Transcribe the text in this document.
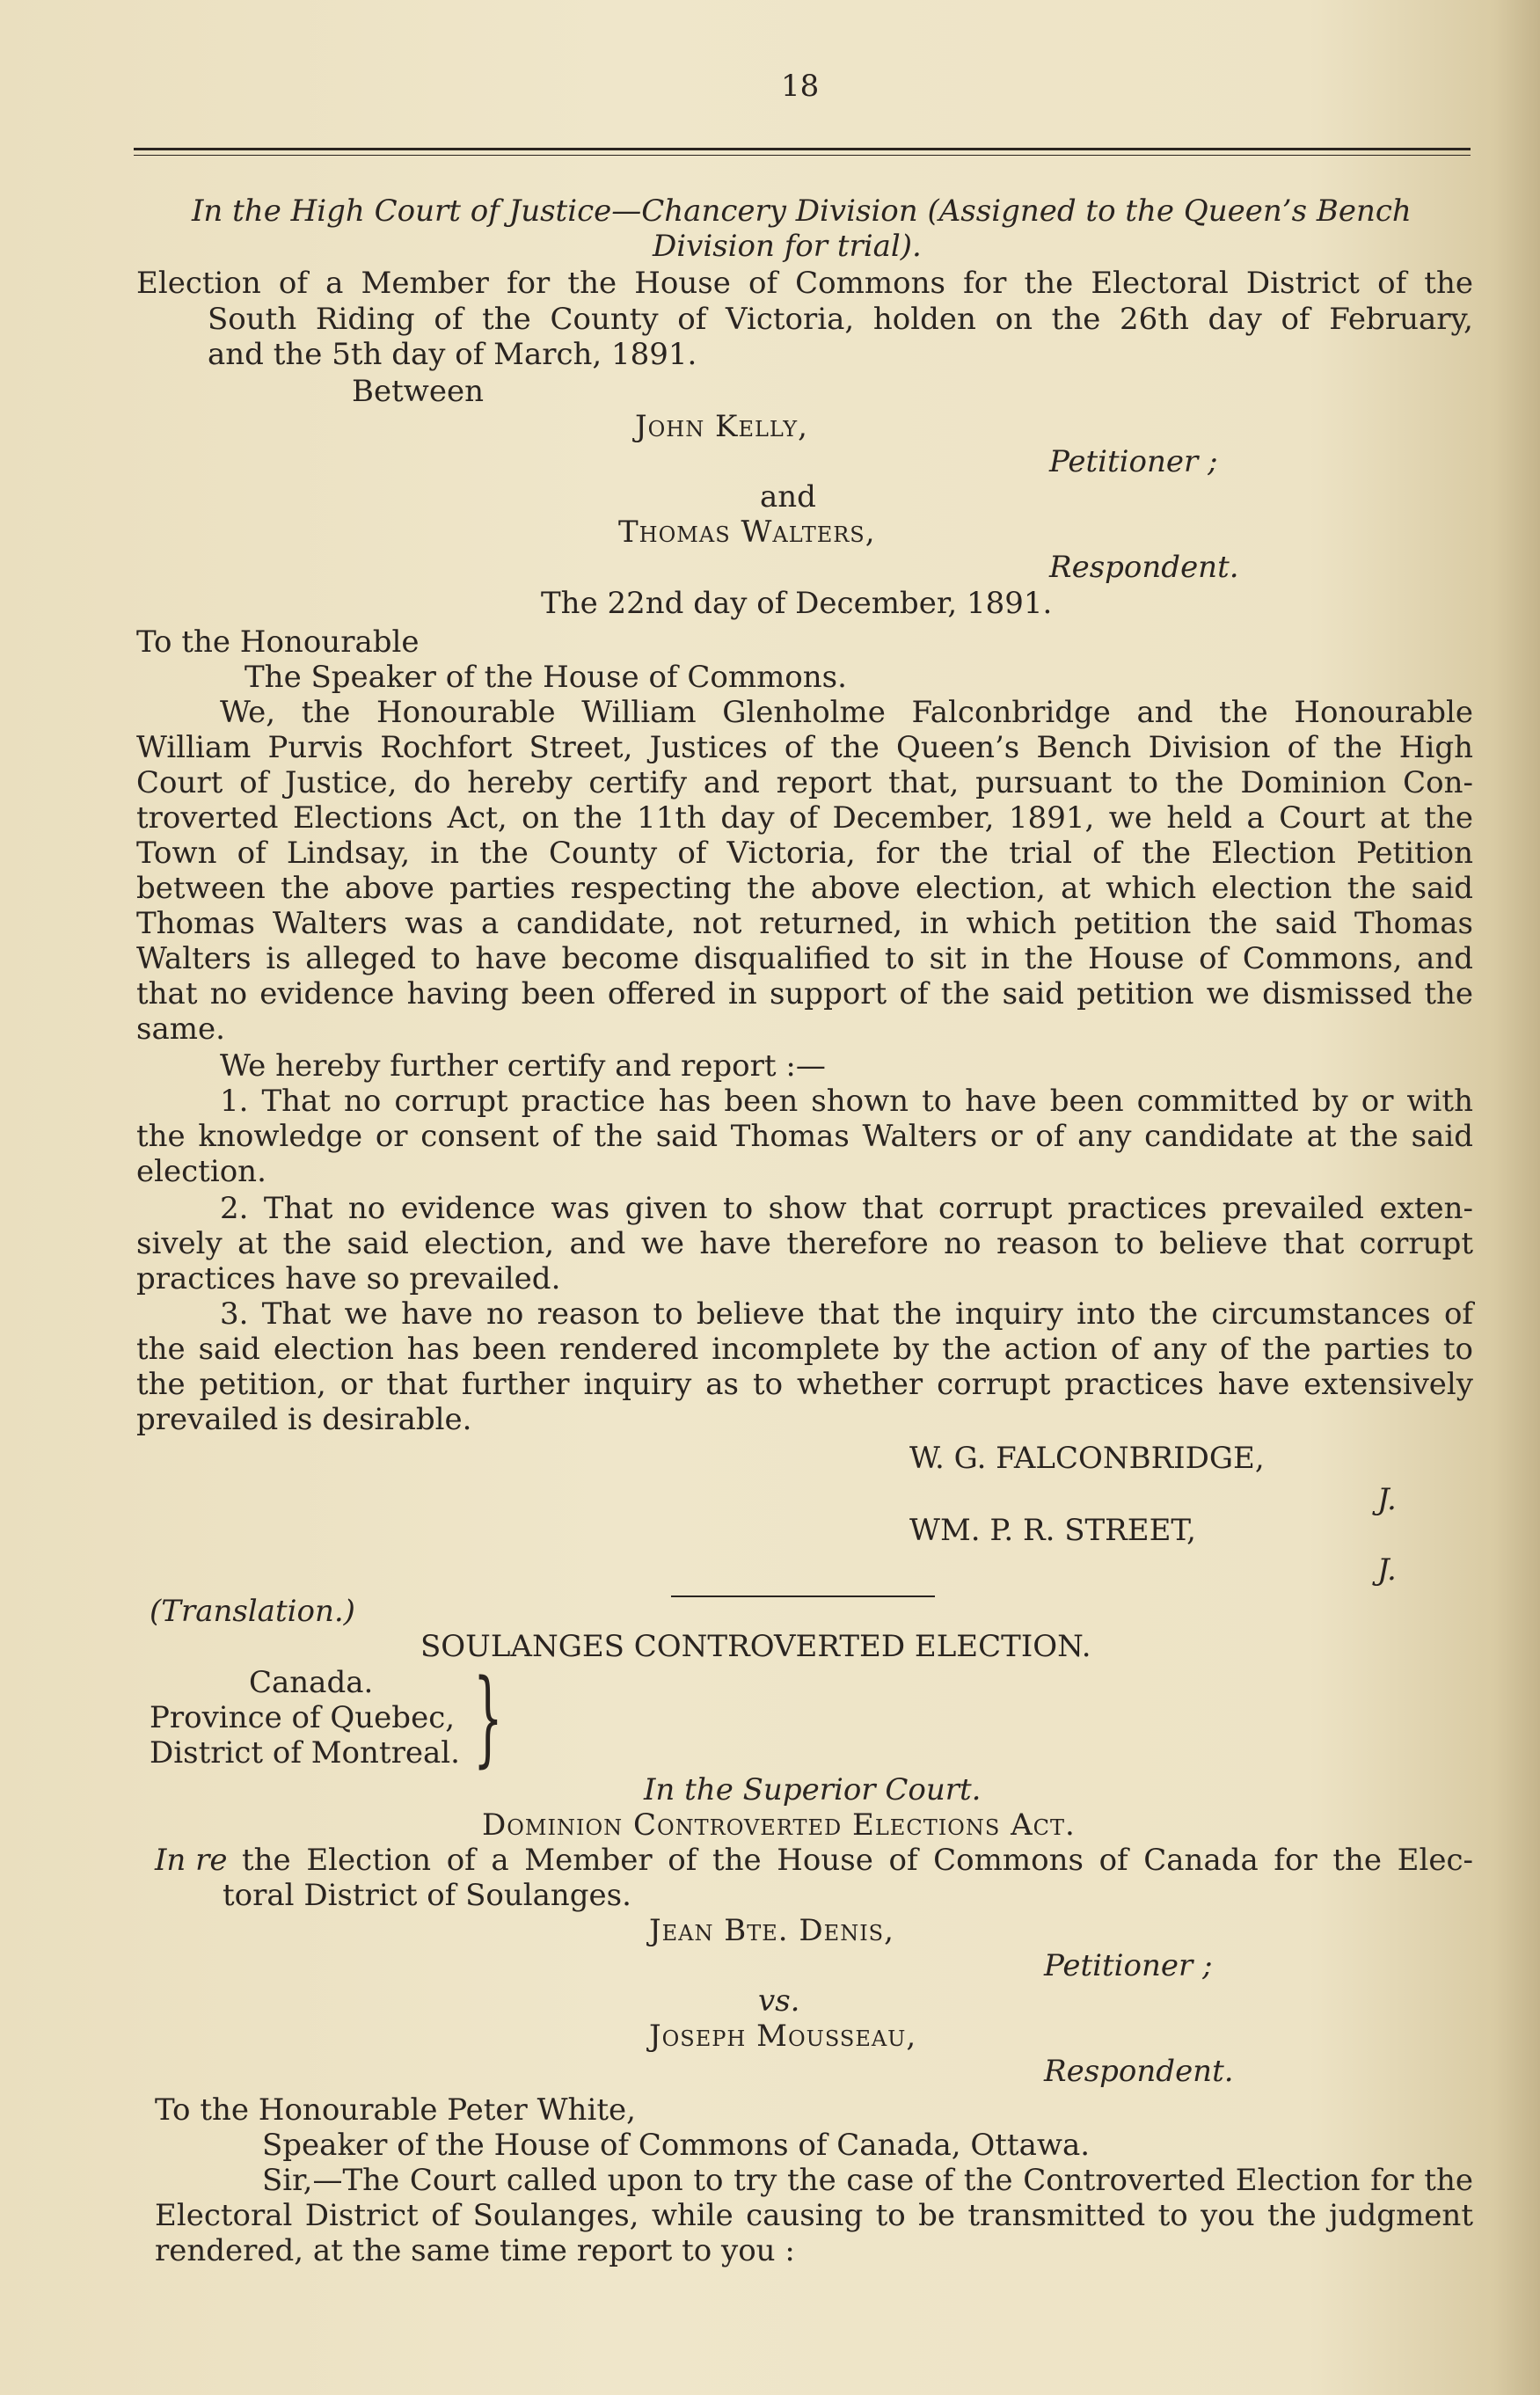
18
In the High Court of Justice—Chancery Division (Assigned to the Queen’s Bench
Division for trial).
Election of a Member for the House of Commons for the Electoral District of the
South Riding of the County of Victoria, holden on the 26th day of February,
and the 5th day of March, 1891.
Between
John Kelly,
Petitioner ;
and
Thomas Walters,
Respondent.
The 22nd day of December, 1891.
To the Honourable
The Speaker of the House of Commons.
We, the Honourable William Glenholme Falconbridge and the Honourable
William Purvis Rochfort Street, Justices of the Queen’s Bench Division of the High
Court of Justice, do hereby certify and report that, pursuant to the Dominion Con-
troverted Elections Act, on the 11th day of December, 1891, we held a Court at the
Town of Lindsay, in the County of Victoria, for the trial of the Election Petition
between the above parties respecting the above election, at which election the said
Thomas Walters was a candidate, not returned, in which petition the said Thomas
Walters is alleged to have become disqualified to sit in the House of Commons, and
that no evidence having been offered in support of the said petition we dismissed the
same.
We hereby further certify and report :—
1. That no corrupt practice has been shown to have been committed by or with
the knowledge or consent of the said Thomas Walters or of any candidate at the said
election.
2. That no evidence was given to show that corrupt practices prevailed exten-
sively at the said election, and we have therefore no reason to believe that corrupt
practices have so prevailed.
3. That we have no reason to believe that the inquiry into the circumstances of
the said election has been rendered incomplete by the action of any of the parties to
the petition, or that further inquiry as to whether corrupt practices have extensively
prevailed is desirable.
W. G. FALCONBRIDGE,
J.
WM. P. R. STREET,
J.
(Translation.)
SOULANGES CONTROVERTED ELECTION.
Canada.
Province of Quebec,
District of Montreal. }
In the Superior Court.
Dominion Controverted Elections Act.
In re the Election of a Member of the House of Commons of Canada for the Elec-
toral District of Soulanges.
Jean Bte. Denis,
Petitioner ;
vs.
Joseph Mousseau,
Respondent.
To the Honourable Peter White,
Speaker of the House of Commons of Canada, Ottawa.
Sir,—The Court called upon to try the case of the Controverted Election for the
Electoral District of Soulanges, while causing to be transmitted to you the judgment
rendered, at the same time report to you :
